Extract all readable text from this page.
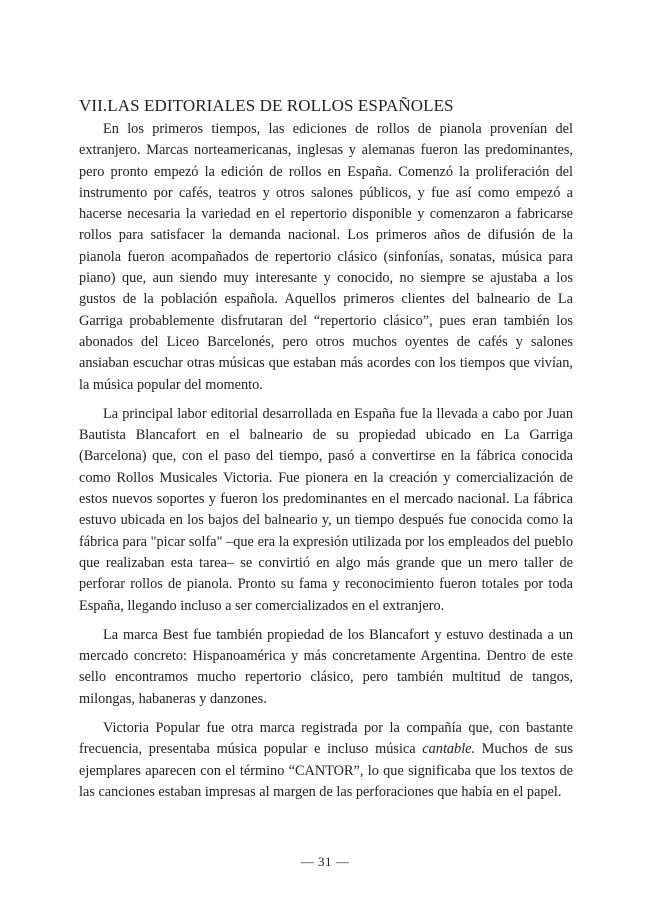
VII.LAS EDITORIALES DE ROLLOS ESPAÑOLES

En los primeros tiempos, las ediciones de rollos de pianola provenían del extranjero. Marcas norteamericanas, inglesas y alemanas fueron las predominantes, pero pronto empezó la edición de rollos en España. Comenzó la proliferación del instrumento por cafés, teatros y otros salones públicos, y fue así como empezó a hacerse necesaria la variedad en el repertorio disponible y comenzaron a fabricarse rollos para satisfacer la demanda nacional. Los primeros años de difusión de la pianola fueron acompañados de repertorio clásico (sinfonías, sonatas, música para piano) que, aun siendo muy interesante y conocido, no siempre se ajustaba a los gustos de la población española. Aquellos primeros clientes del balneario de La Garriga probablemente disfrutaran del “repertorio clásico”, pues eran también los abonados del Liceo Barcelonés, pero otros muchos oyentes de cafés y salones ansiaban escuchar otras músicas que estaban más acordes con los tiempos que vivían, la música popular del momento.

La principal labor editorial desarrollada en España fue la llevada a cabo por Juan Bautista Blancafort en el balneario de su propiedad ubicado en La Garriga (Barcelona) que, con el paso del tiempo, pasó a convertirse en la fábrica conocida como Rollos Musicales Victoria. Fue pionera en la creación y comercialización de estos nuevos soportes y fueron los predominantes en el mercado nacional. La fábrica estuvo ubicada en los bajos del balneario y, un tiempo después fue conocida como la fábrica para "picar solfa" –que era la expresión utilizada por los empleados del pueblo que realizaban esta tarea– se convirtió en algo más grande que un mero taller de perforar rollos de pianola. Pronto su fama y reconocimiento fueron totales por toda España, llegando incluso a ser comercializados en el extranjero.

La marca Best fue también propiedad de los Blancafort y estuvo destinada a un mercado concreto: Hispanoamérica y más concretamente Argentina. Dentro de este sello encontramos mucho repertorio clásico, pero también multitud de tangos, milongas, habaneras y danzones.

Victoria Popular fue otra marca registrada por la compañía que, con bastante frecuencia, presentaba música popular e incluso música cantable. Muchos de sus ejemplares aparecen con el término “CANTOR”, lo que significaba que los textos de las canciones estaban impresas al margen de las perforaciones que había en el papel.

— 31 —
